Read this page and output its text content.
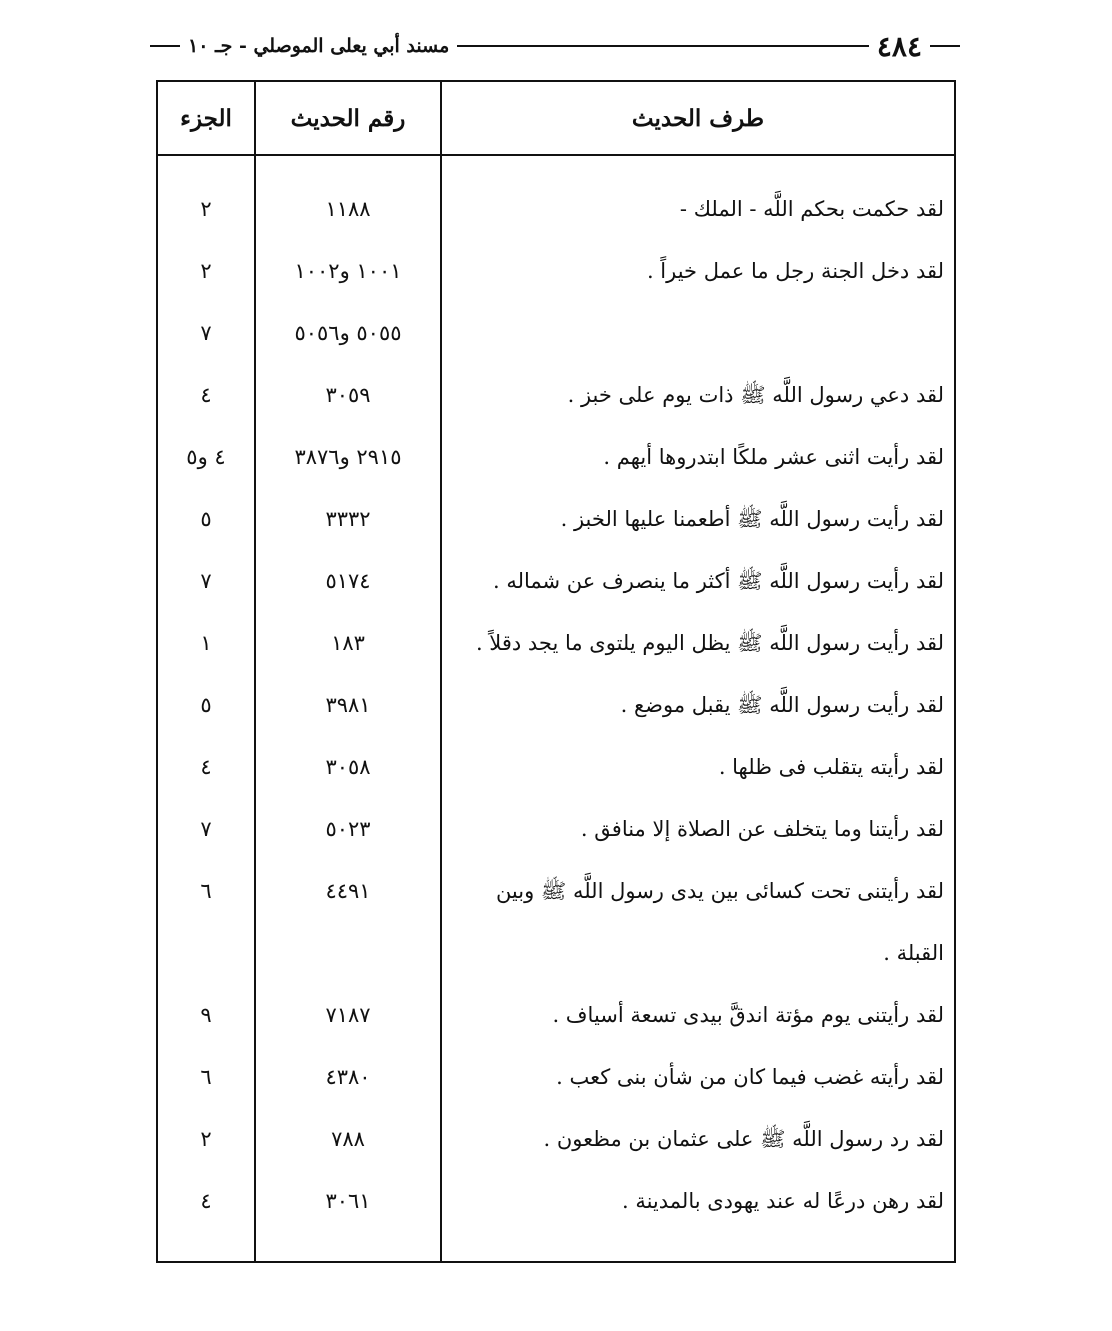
٤٨٤
مسند أبي يعلى الموصلي - جـ ١٠
طرف الحديث	رقم الحديث	الجزء

لقد حكمت بحكم اللَّه - الملك -	١١٨٨	٢

لقد دخل الجنة رجل ما عمل خيراً .	١٠٠١ و١٠٠٢	٢

	٥٠٥٥ و٥٠٥٦	٧

لقد دعي رسول اللَّه ﷺ ذات يوم على خبز .	٣٠٥٩	٤

لقد رأيت اثنى عشر ملكًا ابتدروها أيهم .	٢٩١٥ و٣٨٧٦	٤ و٥

لقد رأيت رسول اللَّه ﷺ أطعمنا عليها الخبز .	٣٣٣٢	٥

لقد رأيت رسول اللَّه ﷺ أكثر ما ينصرف عن شماله .	٥١٧٤	٧

لقد رأيت رسول اللَّه ﷺ يظل اليوم يلتوى ما يجد دقلاً .	١٨٣	١

لقد رأيت رسول اللَّه ﷺ يقبل موضع .	٣٩٨١	٥

لقد رأيته يتقلب فى ظلها .	٣٠٥٨	٤

لقد رأيتنا وما يتخلف عن الصلاة إلا منافق .	٥٠٢٣	٧

لقد رأيتنى تحت كسائى بين يدى رسول اللَّه ﷺ وبين
القبلة .	٤٤٩١	٦

لقد رأيتنى يوم مؤتة اندقَّ بيدى تسعة أسياف .	٧١٨٧	٩

لقد رأيته غضب فيما كان من شأن بنى كعب .	٤٣٨٠	٦

لقد رد رسول اللَّه ﷺ على عثمان بن مظعون .	٧٨٨	٢

لقد رهن درعًا له عند يهودى بالمدينة .	٣٠٦١	٤
